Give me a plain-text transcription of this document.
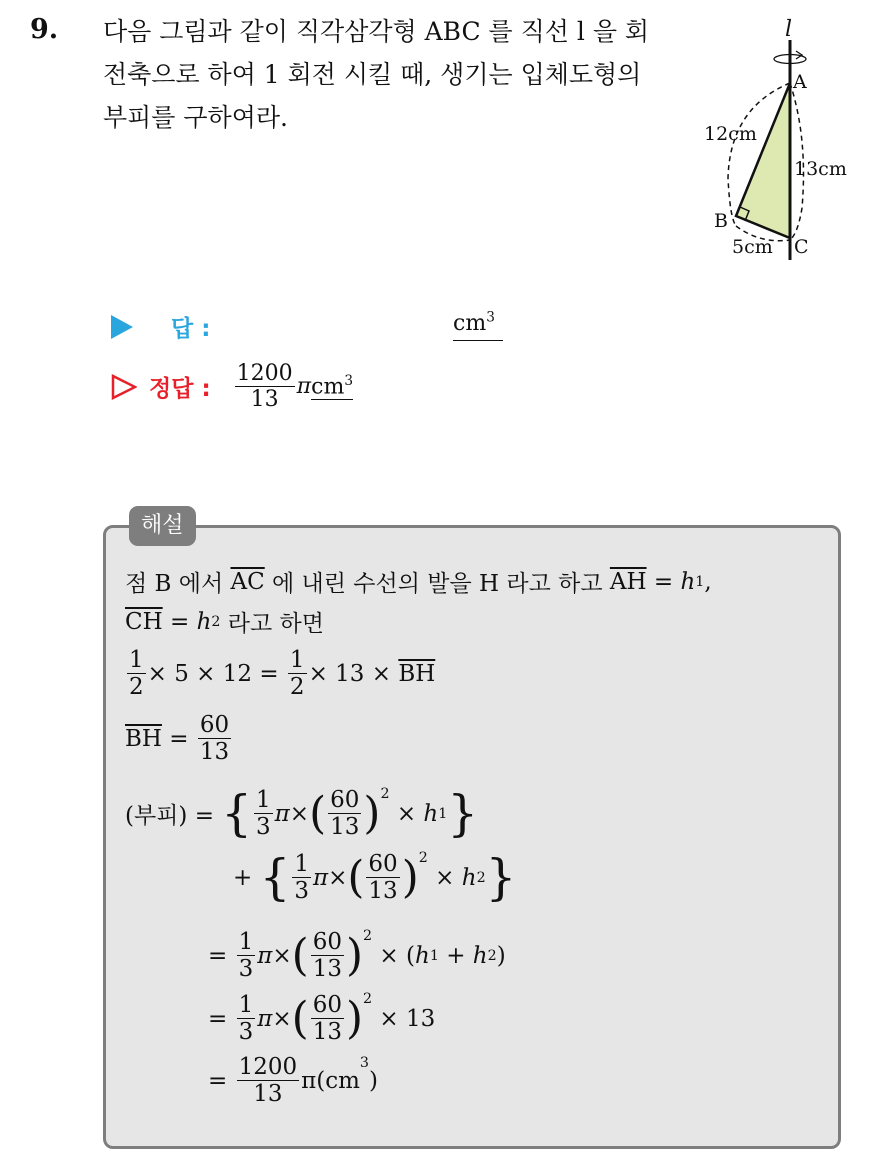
9. 다음 그림과 같이 직각삼각형 ABC 를 직선 l 을 회
전축으로 하여 1 회전 시킬 때, 생기는 입체도형의
부피를 구하여라.
l
A
B
C
12cm
13cm
5cm
답 :	$cm^3$
정답 : $\frac{1200}{13}$ π $cm^3$
해설
점 B 에서
$\overline{AC}$
에 내린 수선의 발을 H 라고 하고
$\overline{AH}$
=
h 1 ,
$\overline{CH}$
=
h 2
라고 하면
$\frac{1}{2} \times 5 \times 12$ =
$\frac{1}{2} \times 13$ ×
$\overline{BH}$
$\overline{BH}$
=
$\frac{60}{13}$
(부피) =
{ $\frac{1}{3}$ π × ( $\frac{60}{13} )^2$

×
h 1 }
+
{ $\frac{1}{3}$ π × ( $\frac{60}{13} )^2$

×
h 2 }
=
$\frac{1}{3}$ π × ( $\frac{60}{13} )^2$

×
( h 1
+
h 2 )
=
$\frac{1}{3}$ π × ( $\frac{60}{13} )^2$

× 13
=
$\frac{1200}{13} \pi(cm$
$^3$
)
